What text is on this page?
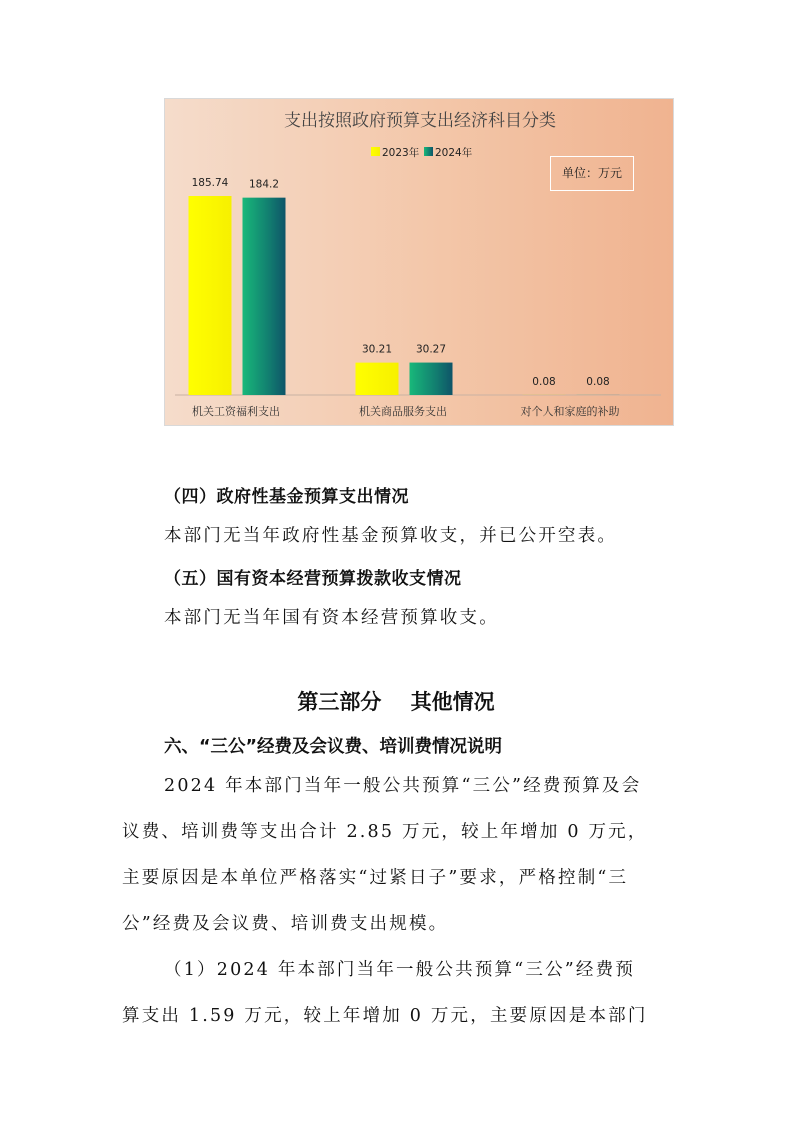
支出按照政府预算支出经济科目分类
2023年 2024年
185.74 184.2
机关工资福利支出
30.21 30.27
机关商品服务支出
0.08	0.08
对个人和家庭的补助
单位：万元
（四）政府性基金预算支出情况
本部门无当年政府性基金预算收支，并已公开空表。
（五）国有资本经营预算拨款收支情况
本部门无当年国有资本经营预算收支。
第三部分    其他情况
六、“三公”经费及会议费、培训费情况说明
2024 年本部门当年一般公共预算“三公”经费预算及会
议费、培训费等支出合计 2.85 万元，较上年增加 0 万元，
主要原因是本单位严格落实“过紧日子”要求，严格控制“三
公”经费及会议费、培训费支出规模。
（1）2024 年本部门当年一般公共预算“三公”经费预
算支出 1.59 万元，较上年增加 0 万元，主要原因是本部门
